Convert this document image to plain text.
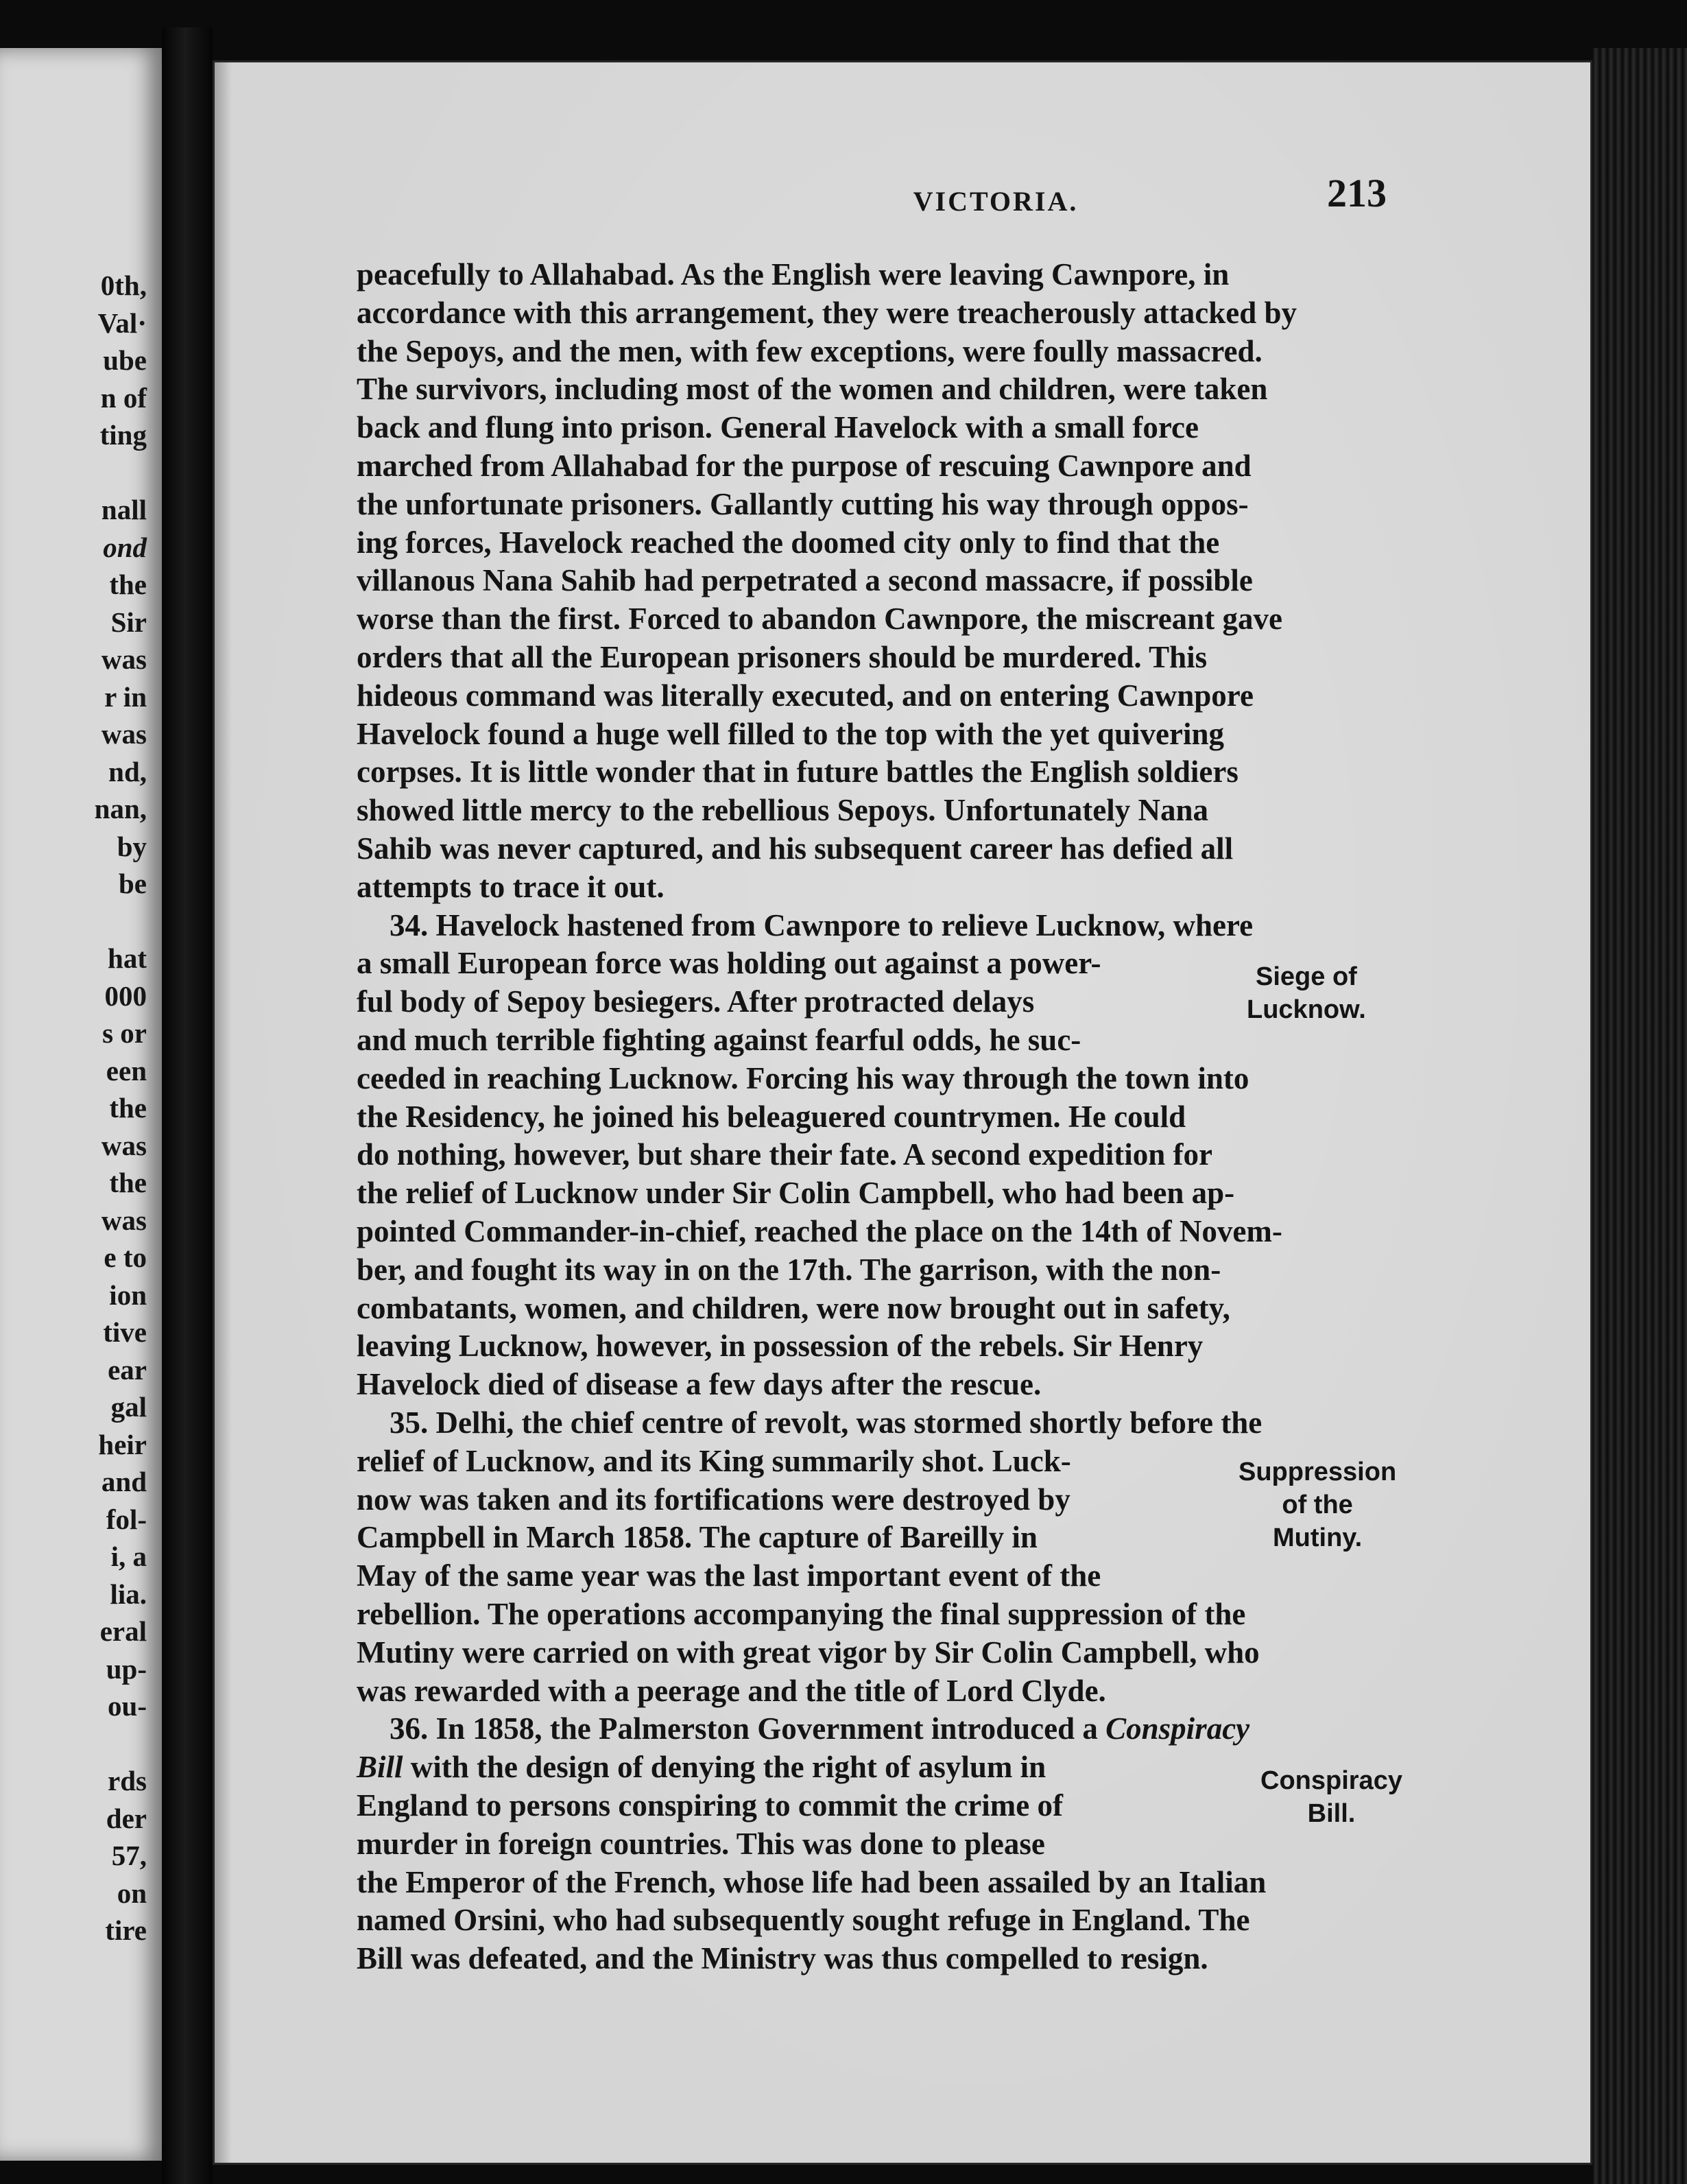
0th,
Val·
ube
n of
ting
nall
ond
the
Sir
was
r in
was
nd,
nan,
by
be
hat
000
s or
een
the
was
the
was
e to
ion
tive
ear
gal
heir
and
fol-
i, a
lia.
eral
up-
ou-
rds
der
57,
on
tire
VICTORIA.	213
peacefully to Allahabad. As the English were leaving Cawnpore, in
accordance with this arrangement, they were treacherously attacked by
the Sepoys, and the men, with few exceptions, were foully massacred.
The survivors, including most of the women and children, were taken
back and flung into prison. General Havelock with a small force
marched from Allahabad for the purpose of rescuing Cawnpore and
the unfortunate prisoners. Gallantly cutting his way through oppos-
ing forces, Havelock reached the doomed city only to find that the
villanous Nana Sahib had perpetrated a second massacre, if possible
worse than the first. Forced to abandon Cawnpore, the miscreant gave
orders that all the European prisoners should be murdered. This
hideous command was literally executed, and on entering Cawnpore
Havelock found a huge well filled to the top with the yet quivering
corpses. It is little wonder that in future battles the English soldiers
showed little mercy to the rebellious Sepoys. Unfortunately Nana
Sahib was never captured, and his subsequent career has defied all
attempts to trace it out.
34. Havelock hastened from Cawnpore to relieve Lucknow, where
a small European force was holding out against a power-
ful body of Sepoy besiegers. After protracted delays
and much terrible fighting against fearful odds, he suc-
ceeded in reaching Lucknow. Forcing his way through the town into
the Residency, he joined his beleaguered countrymen. He could
do nothing, however, but share their fate. A second expedition for
the relief of Lucknow under Sir Colin Campbell, who had been ap-
pointed Commander-in-chief, reached the place on the 14th of Novem-
ber, and fought its way in on the 17th. The garrison, with the non-
combatants, women, and children, were now brought out in safety,
leaving Lucknow, however, in possession of the rebels. Sir Henry
Havelock died of disease a few days after the rescue.
35. Delhi, the chief centre of revolt, was stormed shortly before the
relief of Lucknow, and its King summarily shot. Luck-
now was taken and its fortifications were destroyed by
Campbell in March 1858. The capture of Bareilly in
May of the same year was the last important event of the
rebellion. The operations accompanying the final suppression of the
Mutiny were carried on with great vigor by Sir Colin Campbell, who
was rewarded with a peerage and the title of Lord Clyde.
36. In 1858, the Palmerston Government introduced a Conspiracy
Bill with the design of denying the right of asylum in
England to persons conspiring to commit the crime of
murder in foreign countries. This was done to please
the Emperor of the French, whose life had been assailed by an Italian
named Orsini, who had subsequently sought refuge in England. The
Bill was defeated, and the Ministry was thus compelled to resign.
Siege of
Lucknow.
Suppression
of the
Mutiny.
Conspiracy
Bill.
